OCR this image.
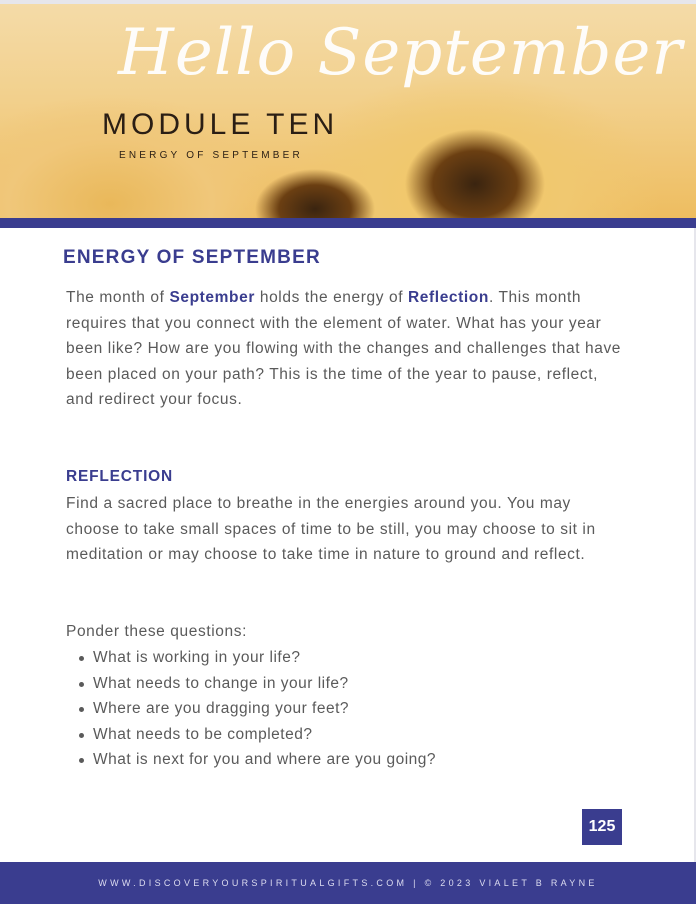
Hello September
MODULE TEN
ENERGY OF SEPTEMBER
ENERGY OF SEPTEMBER
The month of September holds the energy of Reflection. This month requires that you connect with the element of water. What has your year been like? How are you flowing with the changes and challenges that have been placed on your path? This is the time of the year to pause, reflect, and redirect your focus.
REFLECTION
Find a sacred place to breathe in the energies around you. You may choose to take small spaces of time to be still, you may choose to sit in meditation or may choose to take time in nature to ground and reflect.
Ponder these questions:
What is working in your life?
What needs to change in your life?
Where are you dragging your feet?
What needs to be completed?
What is next for you and where are you going?
125
WWW.DISCOVERYOURSPIRITUALGIFTS.COM | © 2023 VIALET B RAYNE
